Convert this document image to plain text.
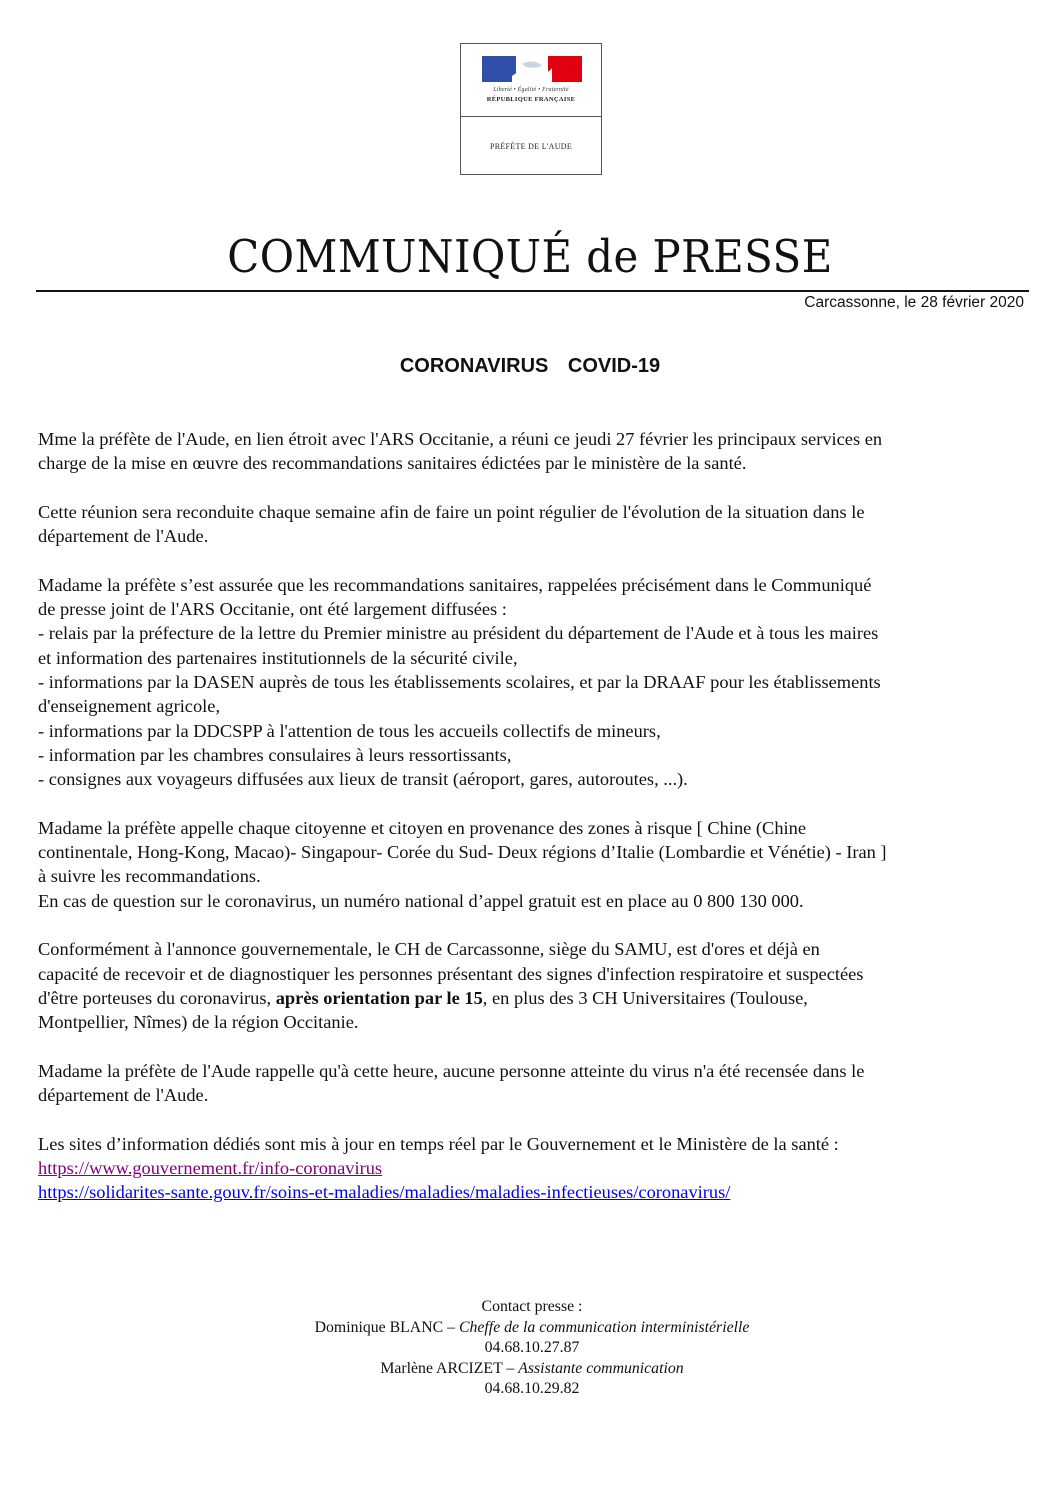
Liberté • Égalité • Fraternité
RÉPUBLIQUE FRANÇAISE
PRÉFÈTE DE L'AUDE
COMMUNIQUÉ de PRESSE
Carcassonne, le 28 février 2020
CORONAVIRUS COVID-19

Mme la préfète de l'Aude, en lien étroit avec l'ARS Occitanie, a réuni ce jeudi 27 février les principaux services en
charge de la mise en œuvre des recommandations sanitaires édictées par le ministère de la santé.

Cette réunion sera reconduite chaque semaine afin de faire un point régulier de l'évolution de la situation dans le
département de l'Aude.

Madame la préfète s’est assurée que les recommandations sanitaires, rappelées précisément dans le Communiqué
de presse joint de l'ARS Occitanie, ont été largement diffusées :
- relais par la préfecture de la lettre du Premier ministre au président du département de l'Aude et à tous les maires
et information des partenaires institutionnels de la sécurité civile,
- informations par la DASEN auprès de tous les établissements scolaires, et par la DRAAF pour les établissements
d'enseignement agricole,
- informations par la DDCSPP à l'attention de tous les accueils collectifs de mineurs,
- information par les chambres consulaires à leurs ressortissants,
- consignes aux voyageurs diffusées aux lieux de transit (aéroport, gares, autoroutes, ...).

Madame la préfète appelle chaque citoyenne et citoyen en provenance des zones à risque [ Chine (Chine
continentale, Hong-Kong, Macao)- Singapour- Corée du Sud- Deux régions d’Italie (Lombardie et Vénétie) - Iran ]
à suivre les recommandations.
En cas de question sur le coronavirus, un numéro national d’appel gratuit est en place au 0 800 130 000.

Conformément à l'annonce gouvernementale, le CH de Carcassonne, siège du SAMU, est d'ores et déjà en
capacité de recevoir et de diagnostiquer les personnes présentant des signes d'infection respiratoire et suspectées
d'être porteuses du coronavirus, après orientation par le 15, en plus des 3 CH Universitaires (Toulouse,
Montpellier, Nîmes) de la région Occitanie.

Madame la préfète de l'Aude rappelle qu'à cette heure, aucune personne atteinte du virus n'a été recensée dans le
département de l'Aude.

Les sites d’information dédiés sont mis à jour en temps réel par le Gouvernement et le Ministère de la santé :
https://www.gouvernement.fr/info-coronavirus
https://solidarites-sante.gouv.fr/soins-et-maladies/maladies/maladies-infectieuses/coronavirus/

Contact presse :
Dominique BLANC – Cheffe de la communication interministérielle
04.68.10.27.87
Marlène ARCIZET – Assistante communication
04.68.10.29.82
